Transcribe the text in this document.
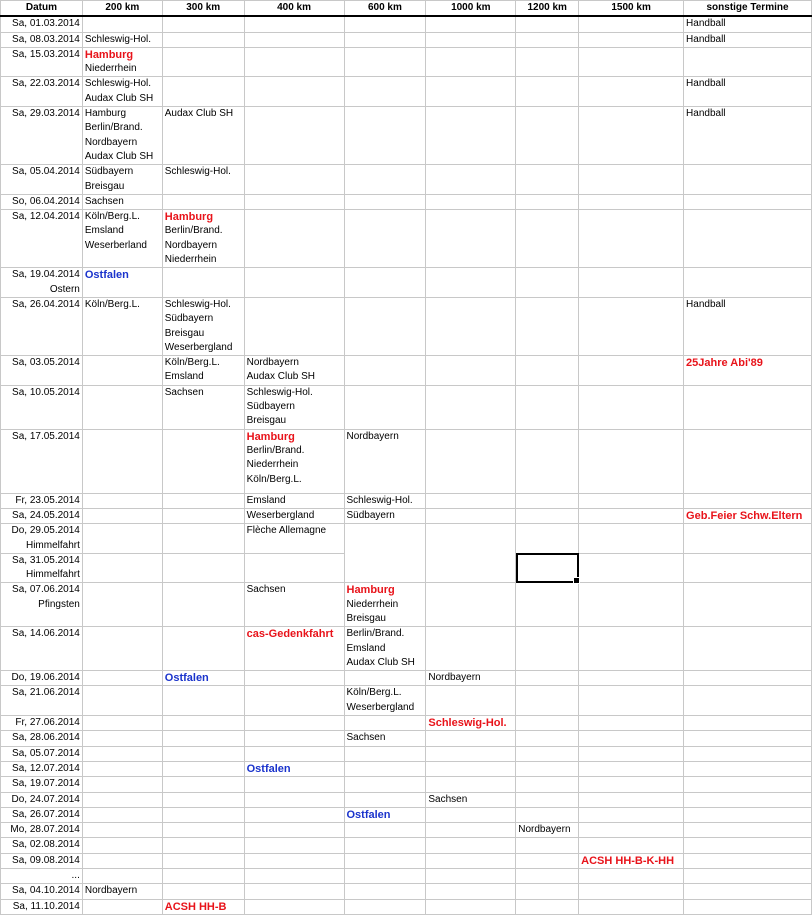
Datum	200 km	300 km	400 km	600 km	1000 km	1200 km	1500 km	sonstige Termine

Sa, 01.03.2014								Handball

Sa, 08.03.2014	Schleswig-Hol.							Handball

Sa, 15.03.2014	Hamburg
Niederrhein							

Sa, 22.03.2014	Schleswig-Hol.
Audax Club SH							Handball

Sa, 29.03.2014	Hamburg
Berlin/Brand.
Nordbayern
Audax Club SH	Audax Club SH						Handball

Sa, 05.04.2014	Südbayern
Breisgau	Schleswig-Hol.						

So, 06.04.2014	Sachsen							

Sa, 12.04.2014	Köln/Berg.L.
Emsland
Weserberland	Hamburg
Berlin/Brand.
Nordbayern
Niederrhein						

Sa, 19.04.2014
Ostern	Ostfalen							

Sa, 26.04.2014	Köln/Berg.L.	Schleswig-Hol.
Südbayern
Breisgau
Weserbergland						Handball

Sa, 03.05.2014		Köln/Berg.L.
Emsland	Nordbayern
Audax Club SH					25Jahre Abi'89

Sa, 10.05.2014		Sachsen	Schleswig-Hol.
Südbayern
Breisgau					

Sa, 17.05.2014			Hamburg
Berlin/Brand.
Niederrhein
Köln/Berg.L.	Nordbayern				

Fr, 23.05.2014			Emsland	Schleswig-Hol.				

Sa, 24.05.2014			Weserbergland	Südbayern				Geb.Feier Schw.Eltern

Do, 29.05.2014
Himmelfahrt			Flèche Allemagne					

Sa, 31.05.2014
Himmelfahrt								

Sa, 07.06.2014
Pfingsten			Sachsen	Hamburg
Niederrhein
Breisgau				

Sa, 14.06.2014			cas-Gedenkfahrt	Berlin/Brand.
Emsland
Audax Club SH				

Do, 19.06.2014		Ostfalen			Nordbayern			

Sa, 21.06.2014				Köln/Berg.L.
Weserbergland				

Fr, 27.06.2014					Schleswig-Hol.			

Sa, 28.06.2014				Sachsen				

Sa, 05.07.2014								

Sa, 12.07.2014			Ostfalen					

Sa, 19.07.2014								

Do, 24.07.2014					Sachsen			

Sa, 26.07.2014				Ostfalen				

Mo, 28.07.2014						Nordbayern		

Sa, 02.08.2014								

Sa, 09.08.2014							ACSH HH-B-K-HH	

...								

Sa, 04.10.2014	Nordbayern							

Sa, 11.10.2014		ACSH HH-B						
